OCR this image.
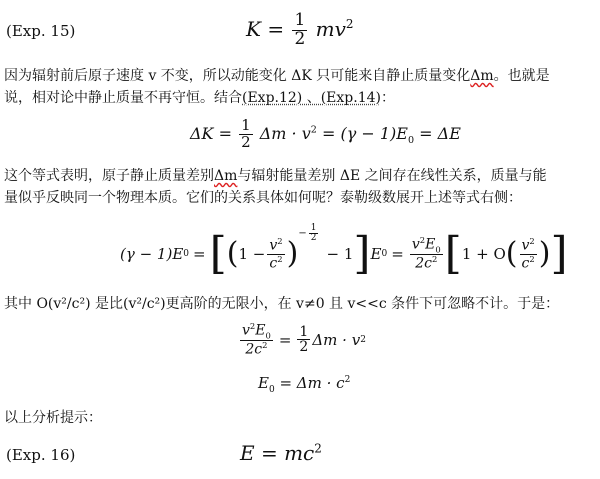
(Exp. 15)	$K = \frac{1}{2} mv^2$
因为辐射前后原子速度 v 不变，所以动能变化 ΔK 只可能来自静止质量变化Δm。也就是
说，相对论中静止质量不再守恒。结合(Exp.12) 、(Exp.14)：
$\Delta K = \frac{1}{2}$ $\Delta m \cdot v^2 = (\gamma - 1)E_0 = \Delta E$
这个等式表明，原子静止质量差别Δm与辐射能量差别 ΔE 之间存在线性关系，质量与能
量似乎反映同一个物理本质。它们的关系具体如何呢？泰勒级数展开上述等式右侧：
(γ − 1)E 0 = [ ( $1 - \frac{v^2}{c^2}$ )
− $\frac{1}{2}$
− 1 ] E $0 = \frac{v^2E_0}{2c^2}$ [ 1 + O ( $\frac{v^2}{c^2}$ ) ]
其中 O(v²/c²) 是比(v²/c²)更高阶的无限小，在 v≠0 且 v<<c 条件下可忽略不计。于是：
$\frac{v^2E_0}{2c^2} = \frac{1}{2}$ Δm · v 2
$E_0 = \Delta m \cdot c^2$
以上分析提示：
(Exp. 16)	$E = mc^2$
